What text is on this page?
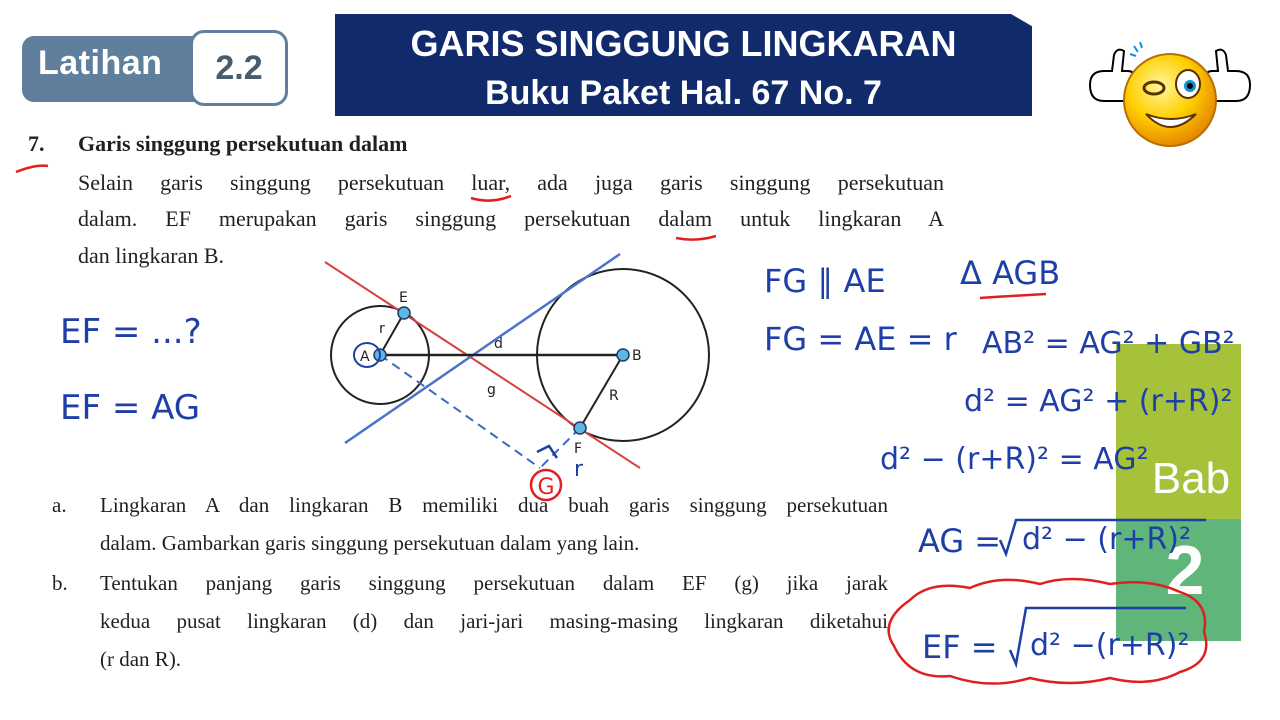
Latihan	2.2
GARIS SINGGUNG LINGKARAN
Buku Paket Hal. 67 No. 7
7. Garis singgung persekutuan dalam
Selain garis singgung persekutuan luar, ada juga garis singgung persekutuan
dalam. EF merupakan garis singgung persekutuan dalam untuk lingkaran A
dan lingkaran B.
a. Lingkaran A dan lingkaran B memiliki dua buah garis singgung persekutuan
dalam. Gambarkan garis singgung persekutuan dalam yang lain.
b. Tentukan panjang garis singgung persekutuan dalam EF (g) jika jarak
kedua pusat lingkaran (d) dan jari-jari masing-masing lingkaran diketahui
(r dan R).
Bab
2
G
E
A
r
d
B
g	R
F
r
EF = ...?
EF = AG
FG ∥ AE
FG = AE = r
Δ AGB
AB² = AG² + GB²
d² = AG² + (r+R)²
d² − (r+R)² = AG²
AG = d² − (r+R)²
EF = d² −(r+R)²
